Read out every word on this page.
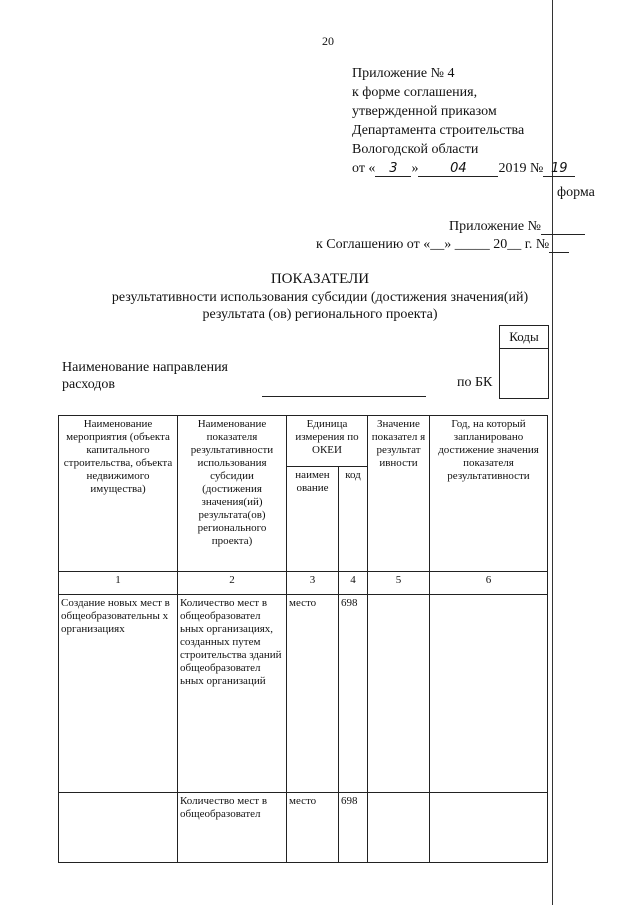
20
Приложение № 4
к форме соглашения,
утвержденной приказом
Департамента строительства
Вологодской области
от « 3 » 04 2019 № 19
форма
Приложение №
к Соглашению от «__» _____ 20__ г. №
ПОКАЗАТЕЛИ
результативности использования субсидии (достижения значения(ий) результата (ов) регионального проекта)
Коды
Наименование направления
расходов	по БК
Наименование мероприятия (объекта капитального строительства, объекта недвижимого имущества)	Наименование показателя результативности использования субсидии (достижения значения(ий) результата(ов) регионального проекта)	Единица измерения по ОКЕИ		Значение показател я результат ивности	Год, на который запланировано достижение значения показателя результативности

		наимен ование	код		

1	2	3	4	5	6

Создание новых мест в общеобразовательны х организациях	Количество мест в общеобразовател ьных организациях, созданных путем строительства зданий общеобразовател ьных организаций	место	698		

	Количество мест в общеобразовател	место	698		
